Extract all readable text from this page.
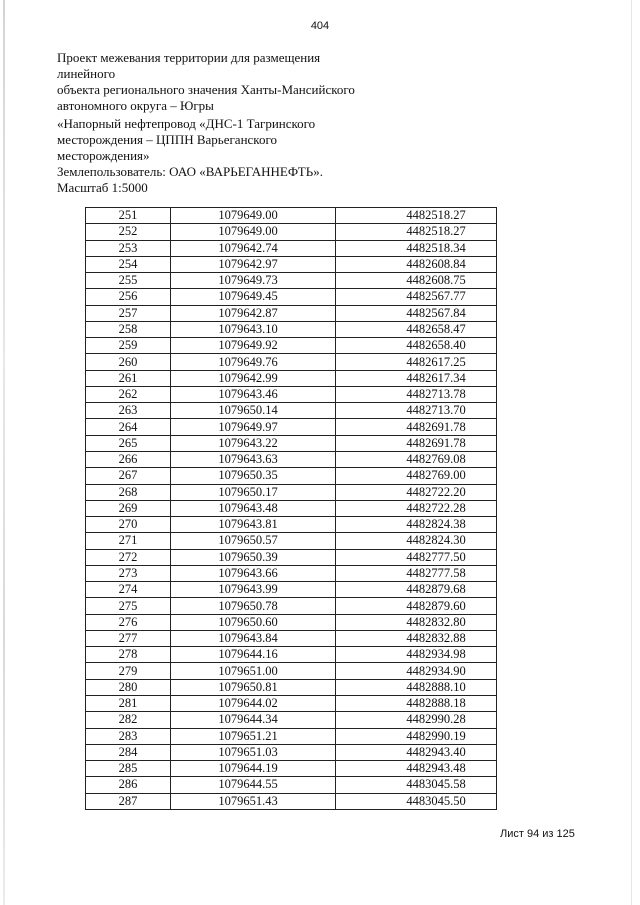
404
Проект межевания территории для размещения линейного
объекта регионального значения Ханты-Мансийского
автономного округа – Югры
«Напорный нефтепровод «ДНС-1 Тагринского
месторождения – ЦППН Варьеганского
месторождения»
Землепользователь: ОАО «ВАРЬЕГАННЕФТЬ».
Масштаб 1:5000
251	1079649.00	4482518.27
252	1079649.00	4482518.27
253	1079642.74	4482518.34
254	1079642.97	4482608.84
255	1079649.73	4482608.75
256	1079649.45	4482567.77
257	1079642.87	4482567.84
258	1079643.10	4482658.47
259	1079649.92	4482658.40
260	1079649.76	4482617.25
261	1079642.99	4482617.34
262	1079643.46	4482713.78
263	1079650.14	4482713.70
264	1079649.97	4482691.78
265	1079643.22	4482691.78
266	1079643.63	4482769.08
267	1079650.35	4482769.00
268	1079650.17	4482722.20
269	1079643.48	4482722.28
270	1079643.81	4482824.38
271	1079650.57	4482824.30
272	1079650.39	4482777.50
273	1079643.66	4482777.58
274	1079643.99	4482879.68
275	1079650.78	4482879.60
276	1079650.60	4482832.80
277	1079643.84	4482832.88
278	1079644.16	4482934.98
279	1079651.00	4482934.90
280	1079650.81	4482888.10
281	1079644.02	4482888.18
282	1079644.34	4482990.28
283	1079651.21	4482990.19
284	1079651.03	4482943.40
285	1079644.19	4482943.48
286	1079644.55	4483045.58
287	1079651.43	4483045.50
Лист 94 из 125
